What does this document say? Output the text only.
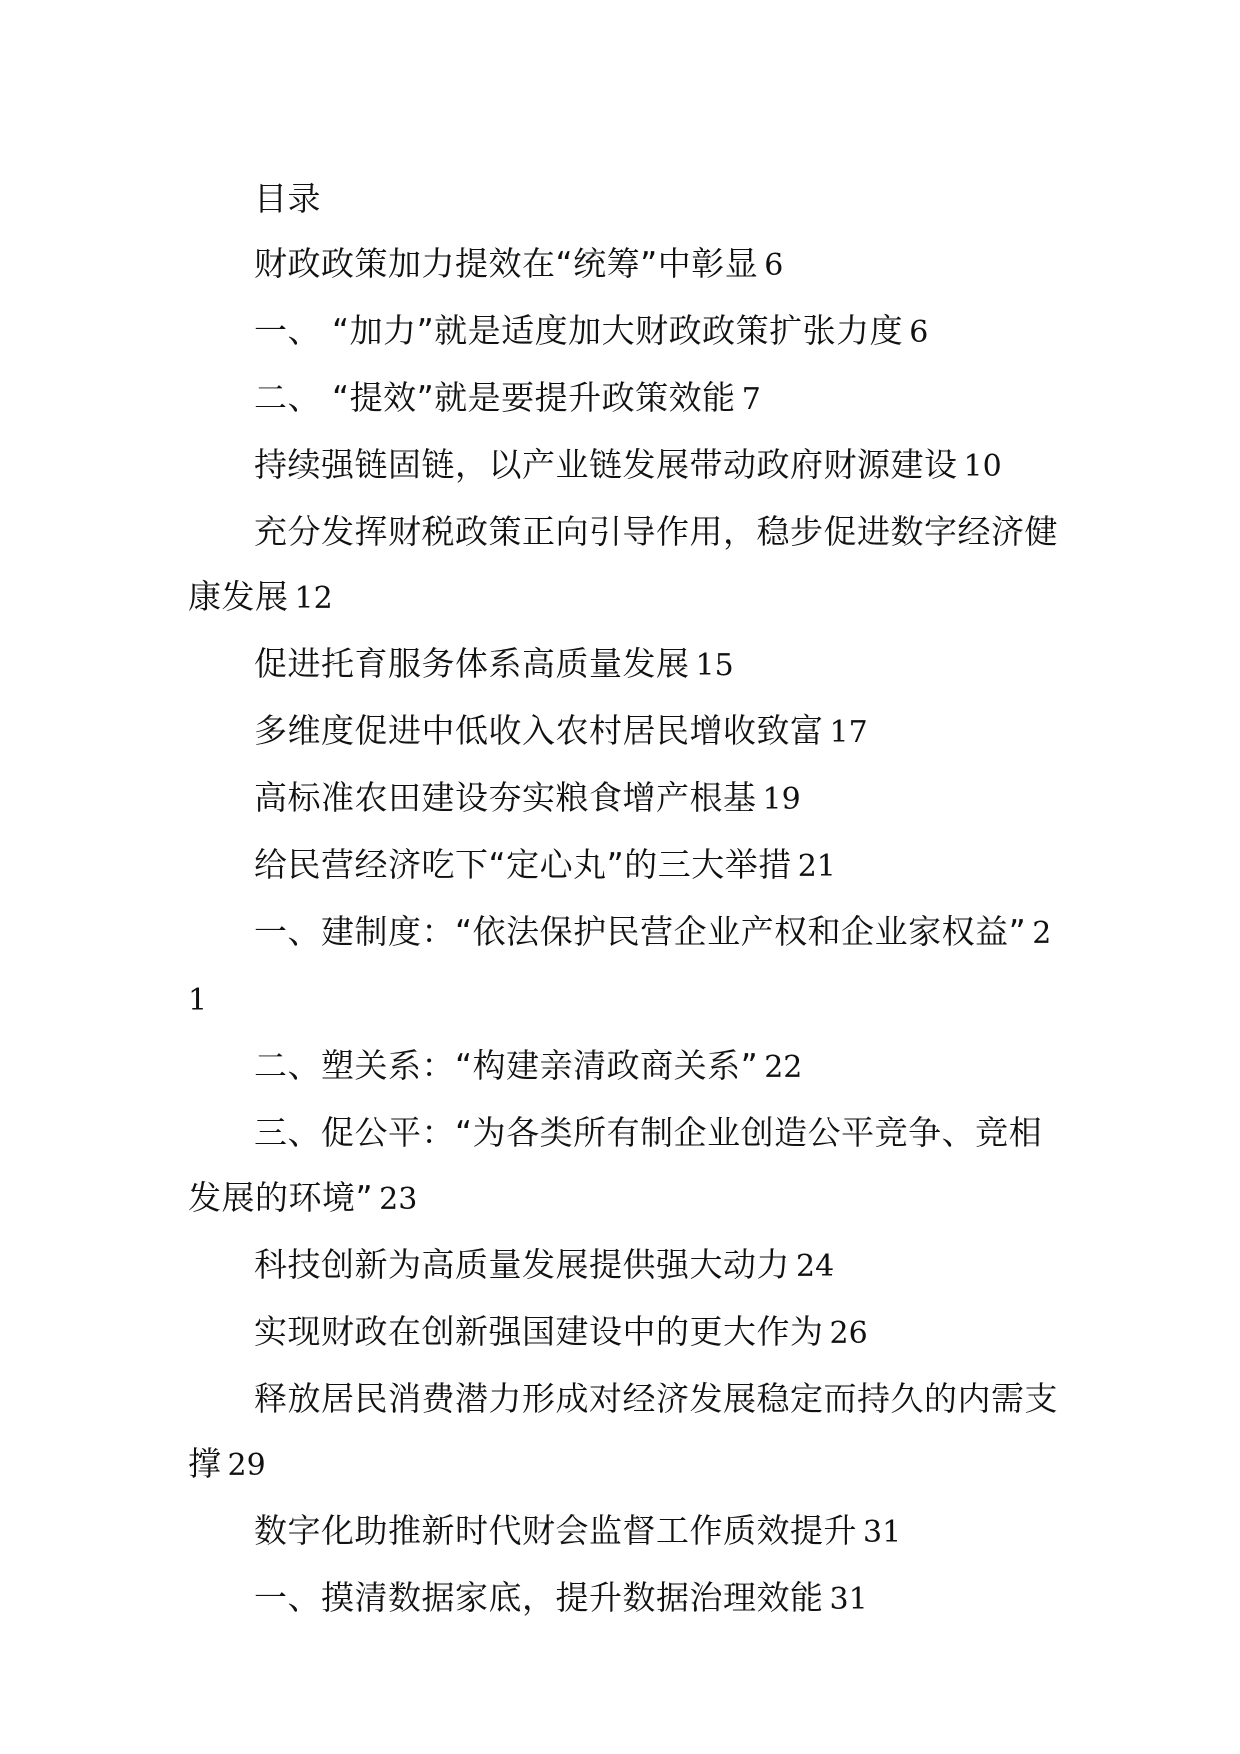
目录
财政政策加力提效在“统筹”中彰显 6
一、 “加力”就是适度加大财政政策扩张力度 6
二、 “提效”就是要提升政策效能 7
持续强链固链，以产业链发展带动政府财源建设 10
充分发挥财税政策正向引导作用，稳步促进数字经济健康发展 12
促进托育服务体系高质量发展 15
多维度促进中低收入农村居民增收致富 17
高标准农田建设夯实粮食增产根基 19
给民营经济吃下“定心丸”的三大举措 21
一、建制度：“依法保护民营企业产权和企业家权益” 21
二、塑关系：“构建亲清政商关系” 22
三、促公平：“为各类所有制企业创造公平竞争、竞相发展的环境” 23
科技创新为高质量发展提供强大动力 24
实现财政在创新强国建设中的更大作为 26
释放居民消费潜力形成对经济发展稳定而持久的内需支撑 29
数字化助推新时代财会监督工作质效提升 31
一、摸清数据家底，提升数据治理效能 31
